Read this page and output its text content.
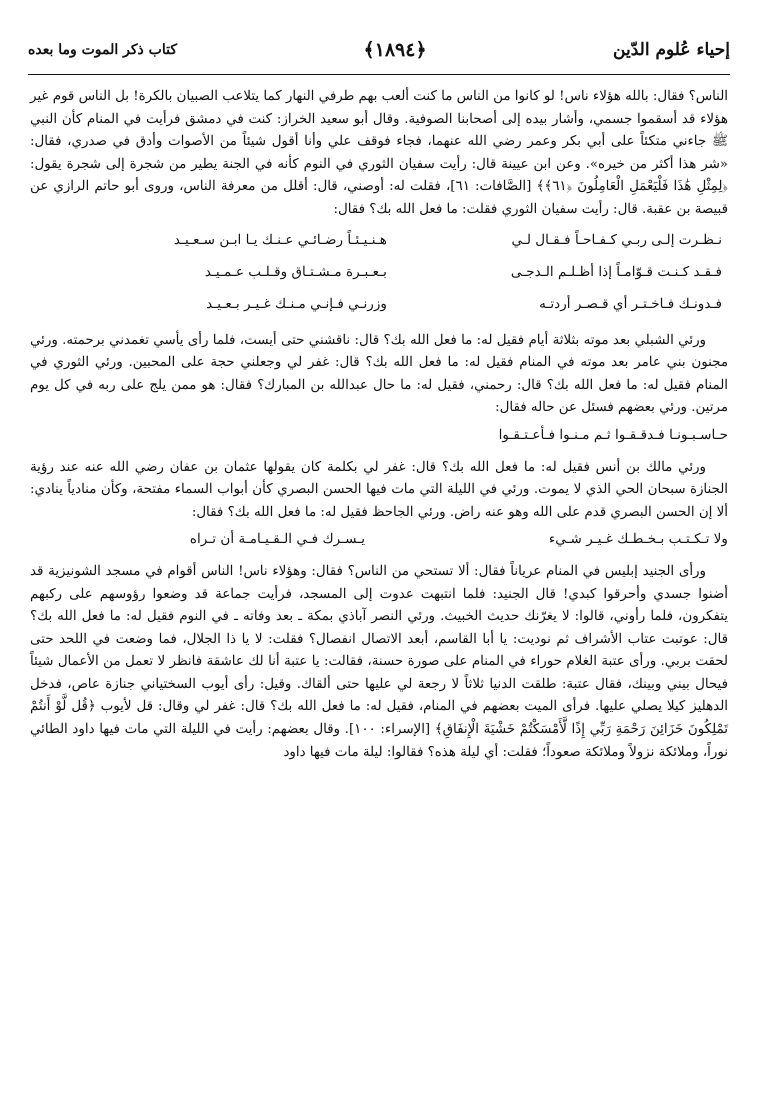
إحياء عُلوم الدّين
﴿١٨٩٤﴾
كتاب ذكر الموت وما بعده

الناس؟ فقال: بالله هؤلاء ناس! لو كانوا من الناس ما كنت ألعب بهم طرفي النهار كما يتلاعب الصبيان بالكرة! بل الناس قوم غير هؤلاء قد أسقموا جسمي، وأشار بيده إلى أصحابنا الصوفية. وقال أبو سعيد الخراز: كنت في دمشق فرأيت في المنام كأن النبي ﷺ جاءني متكئاً على أبي بكر وعمر رضي الله عنهما، فجاء فوقف علي وأنا أقول شيئاً من الأصوات وأدق في صدري، فقال: «شر هذا أكثر من خيره». وعن ابن عيينة قال: رأيت سفيان الثوري في النوم كأنه في الجنة يطير من شجرة إلى شجرة يقول: ﴿لِمِثْلِ هَٰذَا فَلْيَعْمَلِ الْعَامِلُونَ ﴿٦١﴾﴾ [الصَّافات: ٦١]، فقلت له: أوصني، قال: أقلل من معرفة الناس، وروى أبو حاتم الرازي عن قبيصة بن عقبة. قال: رأيت سفيان الثوري فقلت: ما فعل الله بك؟ فقال:

نـظـرت إلـى ربـي كـفـاحـاً فـقـال لـي	هـنـيـئـاً رضـائـي عـنـك يـا ابـن سـعـيـد
فـقـد كـنـت قـوّامـاً إذا أظـلـم الـدجـى	بـعـبـرة مـشـتـاق وقـلـب عـمـيـد
فـدونـك فـاخـتـر أي قـصـر أردتـه	وزرنـي فـإنـي مـنـك غـيـر بـعـيـد

ورئي الشبلي بعد موته بثلاثة أيام فقيل له: ما فعل الله بك؟ قال: ناقشني حتى أيست، فلما رأى يأسي تغمدني برحمته. ورئي مجنون بني عامر بعد موته في المنام فقيل له: ما فعل الله بك؟ قال: غفر لي وجعلني حجة على المحبين. ورئي الثوري في المنام فقيل له: ما فعل الله بك؟ قال: رحمني، فقيل له: ما حال عبدالله بن المبارك؟ فقال: هو ممن يلج على ربه في كل يوم مرتين. ورئي بعضهم فسئل عن حاله فقال:

حـاسـبـونـا فـدقـقـوا ثـم مـنـوا فـأعـتـقـوا

ورئي مالك بن أنس فقيل له: ما فعل الله بك؟ قال: غفر لي بكلمة كان يقولها عثمان بن عفان رضي الله عنه عند رؤية الجنازة سبحان الحي الذي لا يموت. ورئي في الليلة التي مات فيها الحسن البصري كأن أبواب السماء مفتحة، وكأن منادياً ينادي: ألا إن الحسن البصري قدم على الله وهو عنه راض. ورئي الجاحظ فقيل له: ما فعل الله بك؟ فقال:

ولا تـكـتـب بـخـطـك غـيـر شـيء
يـسـرك فـي الـقـيـامـة أن تـراه

ورأى الجنيد إبليس في المنام عرياناً فقال: ألا تستحي من الناس؟ فقال: وهؤلاء ناس! الناس أقوام في مسجد الشونيزية قد أضنوا جسدي وأحرقوا كبدي! قال الجنيد: فلما انتبهت عدوت إلى المسجد، فرأيت جماعة قد وضعوا رؤوسهم على ركبهم يتفكرون، فلما رأوني، قالوا: لا يغرّنك حديث الخبيث. ورئي النصر آباذي بمكة ـ بعد وفاته ـ في النوم فقيل له: ما فعل الله بك؟ قال: عوتبت عتاب الأشراف ثم نوديت: يا أبا القاسم، أبعد الاتصال انفصال؟ فقلت: لا يا ذا الجلال، فما وضعت في اللحد حتى لحقت بربي. ورأى عتبة الغلام حوراء في المنام على صورة حسنة، فقالت: يا عتبة أنا لك عاشقة فانظر لا تعمل من الأعمال شيئاً فيحال بيني وبينك، فقال عتبة: طلقت الدنيا ثلاثاً لا رجعة لي عليها حتى ألقاك. وقيل: رأى أيوب السختياني جنازة عاص، فدخل الدهليز كيلا يصلي عليها. فرأى الميت بعضهم في المنام، فقيل له: ما فعل الله بك؟ قال: غفر لي وقال: قل لأيوب ﴿قُل لَّوْ أَنتُمْ تَمْلِكُونَ خَزَائِنَ رَحْمَةِ رَبِّي إِذًا لَّأَمْسَكْتُمْ خَشْيَةَ الْإِنفَاقِ﴾ [الإسراء: ١٠٠]. وقال بعضهم: رأيت في الليلة التي مات فيها داود الطائي نوراً، وملائكة نزولاً وملائكة صعوداً؛ فقلت: أي ليلة هذه؟ فقالوا: ليلة مات فيها داود
